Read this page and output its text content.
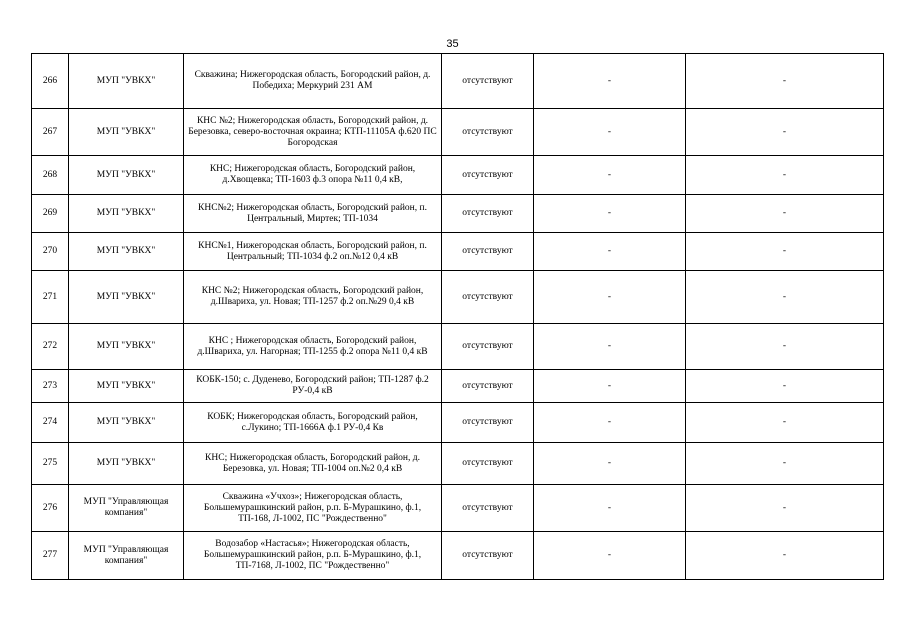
35
266	МУП "УВКХ"	Скважина; Нижегородская область, Богородский район, д. Победиха; Меркурий 231 АМ	отсутствуют	-	-
267	МУП "УВКХ"	КНС №2; Нижегородская область, Богородский район, д. Березовка, северо-восточная окраина; КТП-11105А ф.620 ПС Богородская	отсутствуют	-	-
268	МУП "УВКХ"	КНС; Нижегородская область, Богородский район, д.Хвощевка; ТП-1603 ф.3 опора №11 0,4 кВ,	отсутствуют	-	-
269	МУП "УВКХ"	КНС№2; Нижегородская область, Богородский район, п. Центральный, Миртек; ТП-1034	отсутствуют	-	-
270	МУП "УВКХ"	КНС№1, Нижегородская область, Богородский район, п. Центральный; ТП-1034 ф.2 оп.№12 0,4 кВ	отсутствуют	-	-
271	МУП "УВКХ"	КНС №2; Нижегородская область, Богородский район, д.Швариха, ул. Новая; ТП-1257 ф.2 оп.№29 0,4 кВ	отсутствуют	-	-
272	МУП "УВКХ"	КНС ; Нижегородская область, Богородский район, д.Швариха, ул. Нагорная; ТП-1255 ф.2 опора №11 0,4 кВ	отсутствуют	-	-
273	МУП "УВКХ"	КОБК-150; с. Дуденево, Богородский район; ТП-1287 ф.2 РУ-0,4 кВ	отсутствуют	-	-
274	МУП "УВКХ"	КОБК; Нижегородская область, Богородский район, с.Лукино; ТП-1666А ф.1 РУ-0,4 Кв	отсутствуют	-	-
275	МУП "УВКХ"	КНС; Нижегородская область, Богородский район, д. Березовка, ул. Новая; ТП-1004 оп.№2 0,4 кВ	отсутствуют	-	-
276	МУП "Управляющая компания"	Скважина «Учхоз»; Нижегородская область, Большемурашкинский район, р.п. Б-Мурашкино, ф.1, ТП-168, Л-1002, ПС "Рождественно"	отсутствуют	-	-
277	МУП "Управляющая компания"	Водозабор «Настасья»; Нижегородская область, Большемурашкинский район, р.п. Б-Мурашкино, ф.1, ТП-7168, Л-1002, ПС "Рождественно"	отсутствуют	-	-
